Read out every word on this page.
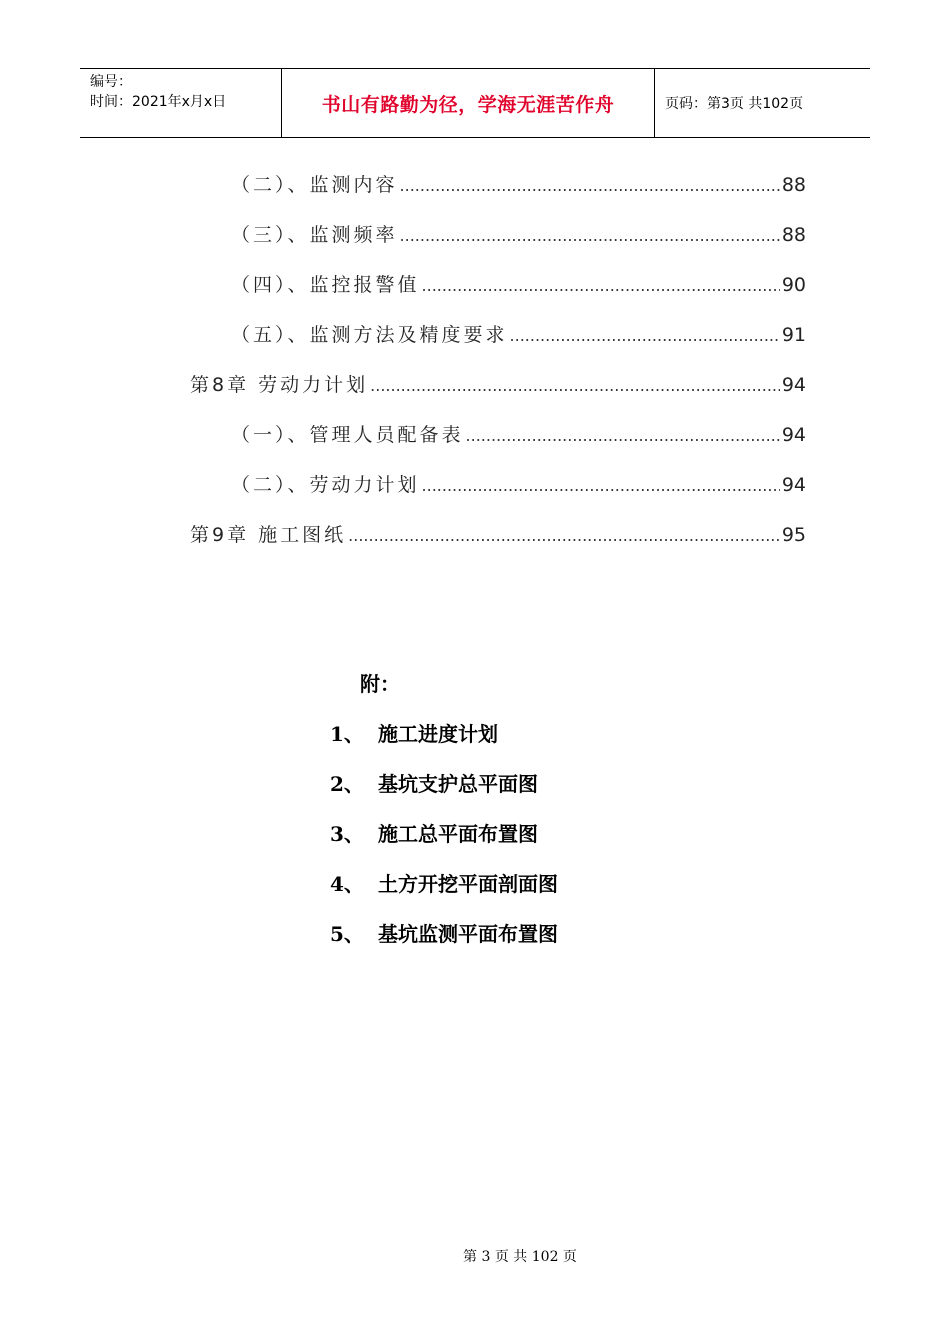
编号：
时间：2021年x月x日	书山有路勤为径，学海无涯苦作舟	页码：第3页 共102页
（二）、监测内容 .....	88
（三）、监测频率 .....	88
（四）、监控报警值 .....	90
（五）、监测方法及精度要求 .....	91
第8章 劳动力计划 .....	94
（一）、管理人员配备表 .....	94
（二）、劳动力计划 .....	94
第9章 施工图纸 .....	95
附：
1、 施工进度计划
2、 基坑支护总平面图
3、 施工总平面布置图
4、 土方开挖平面剖面图
5、 基坑监测平面布置图
第 3 页 共 102 页
